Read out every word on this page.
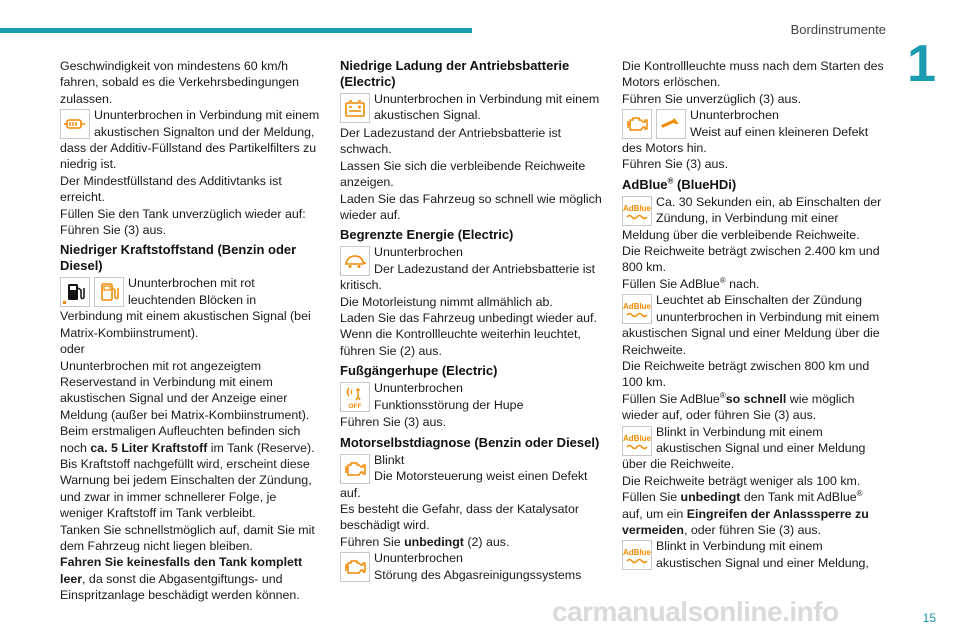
Bordinstrumente
1
15
carmanualsonline.info

Geschwindigkeit von mindestens 60 km/h fahren, sobald es die Verkehrsbedingungen zulassen.

Ununterbrochen in Verbindung mit einem akustischen Signalton und der Meldung, dass der Additiv-Füllstand des Partikelfilters zu niedrig ist.

Der Mindestfüllstand des Additivtanks ist erreicht.

Füllen Sie den Tank unverzüglich wieder auf: Führen Sie (3) aus.

Niedriger Kraftstoffstand (Benzin oder Diesel)
Ununterbrochen mit rot leuchtenden Blöcken in Verbindung mit einem akustischen Signal (bei Matrix-Kombiinstrument).

oder

Ununterbrochen mit rot angezeigtem Reservestand in Verbindung mit einem akustischen Signal und der Anzeige einer Meldung (außer bei Matrix-Kombiinstrument).

Beim erstmaligen Aufleuchten befinden sich noch ca. 5 Liter Kraftstoff im Tank (Reserve).

Bis Kraftstoff nachgefüllt wird, erscheint diese Warnung bei jedem Einschalten der Zündung, und zwar in immer schnellerer Folge, je weniger Kraftstoff im Tank verbleibt.

Tanken Sie schnellstmöglich auf, damit Sie mit dem Fahrzeug nicht liegen bleiben.

Fahren Sie keinesfalls den Tank komplett leer, da sonst die Abgasentgiftungs- und Einspritzanlage beschädigt werden können.

Niedrige Ladung der Antriebsbatterie (Electric)
Ununterbrochen in Verbindung mit einem akustischen Signal.

Der Ladezustand der Antriebsbatterie ist schwach.

Lassen Sie sich die verbleibende Reichweite anzeigen.

Laden Sie das Fahrzeug so schnell wie möglich wieder auf.

Begrenzte Energie (Electric)
Ununterbrochen
Der Ladezustand der Antriebsbatterie ist kritisch.

Die Motorleistung nimmt allmählich ab.

Laden Sie das Fahrzeug unbedingt wieder auf.

Wenn die Kontrollleuchte weiterhin leuchtet, führen Sie (2) aus.

Fußgängerhupe (Electric)
OFF
Ununterbrochen
Funktionsstörung der Hupe

Führen Sie (3) aus.

Motorselbstdiagnose (Benzin oder Diesel)
Blinkt
Die Motorsteuerung weist einen Defekt auf.

Es besteht die Gefahr, dass der Katalysator beschädigt wird.

Führen Sie unbedingt (2) aus.

Ununterbrochen
Störung des Abgasreinigungssystems

Die Kontrollleuchte muss nach dem Starten des Motors erlöschen.

Führen Sie unverzüglich (3) aus.

Ununterbrochen
Weist auf einen kleineren Defekt des Motors hin.

Führen Sie (3) aus.

AdBlue® (BlueHDi)
AdBlue Ca. 30 Sekunden ein, ab Einschalten der Zündung, in Verbindung mit einer Meldung über die verbleibende Reichweite.

Die Reichweite beträgt zwischen 2.400 km und 800 km.

Füllen Sie AdBlue® nach.

AdBlue Leuchtet ab Einschalten der Zündung ununterbrochen in Verbindung mit einem akustischen Signal und einer Meldung über die Reichweite.

Die Reichweite beträgt zwischen 800 km und 100 km.

Füllen Sie AdBlue®so schnell wie möglich wieder auf, oder führen Sie (3) aus.

AdBlue Blinkt in Verbindung mit einem akustischen Signal und einer Meldung über die Reichweite.

Die Reichweite beträgt weniger als 100 km.

Füllen Sie unbedingt den Tank mit AdBlue® auf, um ein Eingreifen der Anlasssperre zu vermeiden, oder führen Sie (3) aus.

AdBlue Blinkt in Verbindung mit einem akustischen Signal und einer Meldung,
